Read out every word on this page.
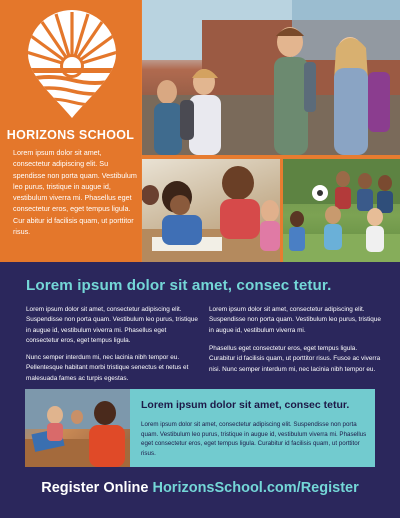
HORIZONS SCHOOL
Lorem ipsum dolor sit amet, consectetur adipiscing elit. Su spendisse non porta quam. Vestibulum leo purus, tristique in augue id, vestibulum viverra mi. Phasellus eget consectetur eros, eget tempus ligula. Cur abitur id facilisis quam, ut porttitor risus.
Lorem ipsum dolor sit amet, consec tetur.
Lorem ipsum dolor sit amet, consectetur adipiscing elit. Suspendisse non porta quam. Vestibulum leo purus, tristique in augue id, vestibulum viverra mi. Phasellus eget consectetur eros, eget tempus ligula.
Nunc semper interdum mi, nec lacinia nibh tempor eu. Pellentesque habitant morbi tristique senectus et netus et malesuada fames ac turpis egestas.
Lorem ipsum dolor sit amet, consectetur adipiscing elit. Suspendisse non porta quam. Vestibulum leo purus, tristique in augue id, vestibulum viverra mi.
Phasellus eget consectetur eros, eget tempus ligula. Curabitur id facilisis quam, ut porttitor risus. Fusce ac viverra nisi. Nunc semper interdum mi, nec lacinia nibh tempor eu.
Lorem ipsum dolor sit amet, consec tetur.
Lorem ipsum dolor sit amet, consectetur adipiscing elit. Suspendisse non porta quam. Vestibulum leo purus, tristique in augue id, vestibulum viverra mi. Phasellus eget consectetur eros, eget tempus ligula. Curabitur id facilisis quam, ut porttitor risus.
Register Online HorizonsSchool.com/Register
